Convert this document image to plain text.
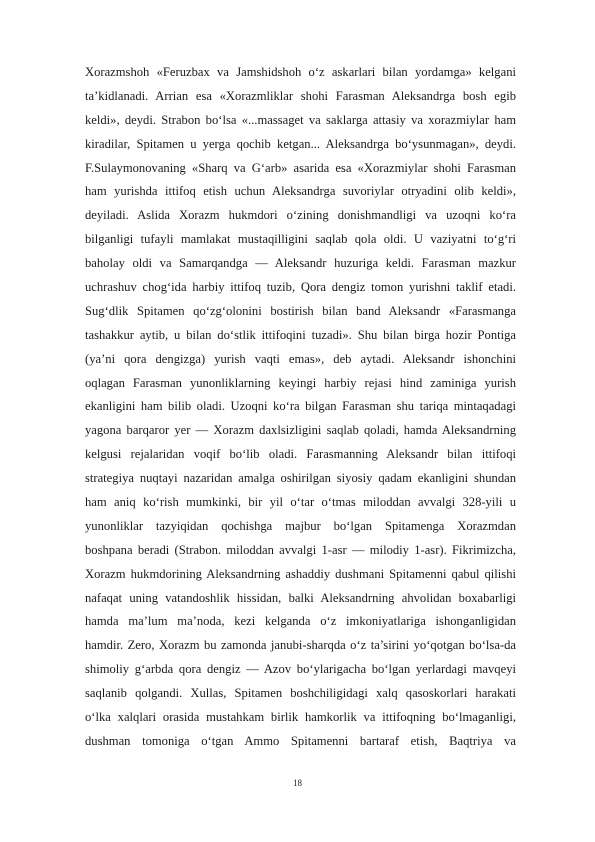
Xorazmshoh «Feruzbax va Jamshidshoh o‘z askarlari bilan yordamga» kelgani
ta’kidlanadi. Arrian esa «Xorazmliklar shohi Farasman Aleksandrga bosh egib
keldi», deydi. Strabon bo‘lsa «...massaget va saklarga attasiy va xorazmiylar ham
kiradilar, Spitamen u yerga qochib ketgan... Aleksandrga bo‘ysunmagan», deydi.
F.Sulaymonovaning «Sharq va G‘arb» asarida esa «Xorazmiylar shohi Farasman
ham yurishda ittifoq etish uchun Aleksandrga suvoriylar otryadini olib keldi»,
deyiladi. Aslida Xorazm hukmdori o‘zining donishmandligi va uzoqni ko‘ra
bilganligi tufayli mamlakat mustaqilligini saqlab qola oldi. U vaziyatni to‘g‘ri
baholay oldi va Samarqandga — Aleksandr huzuriga keldi. Farasman mazkur
uchrashuv chog‘ida harbiy ittifoq tuzib, Qora dengiz tomon yurishni taklif etadi.
Sug‘dlik Spitamen qo‘zg‘olonini bostirish bilan band Aleksandr «Farasmanga
tashakkur aytib, u bilan do‘stlik ittifoqini tuzadi». Shu bilan birga hozir Pontiga
(ya’ni qora dengizga) yurish vaqti emas», deb aytadi. Aleksandr ishonchini
oqlagan Farasman yunonliklarning keyingi harbiy rejasi hind zaminiga yurish
ekanligini ham bilib oladi. Uzoqni ko‘ra bilgan Farasman shu tariqa mintaqadagi
yagona barqaror yer — Xorazm daxlsizligini saqlab qoladi, hamda Aleksandrning
kelgusi rejalaridan voqif bo‘lib oladi. Farasmanning Aleksandr bilan ittifoqi
strategiya nuqtayi nazaridan amalga oshirilgan siyosiy qadam ekanligini shundan
ham aniq ko‘rish mumkinki, bir yil o‘tar o‘tmas miloddan avvalgi 328-yili u
yunonliklar tazyiqidan qochishga majbur bo‘lgan Spitamenga Xorazmdan
boshpana beradi (Strabon. miloddan avvalgi 1-asr — milodiy 1-asr). Fikrimizcha,
Xorazm hukmdorining Aleksandrning ashaddiy dushmani Spitamenni qabul qilishi
nafaqat uning vatandoshlik hissidan, balki Aleksandrning ahvolidan boxabarligi
hamda ma’lum ma’noda, kezi kelganda o‘z imkoniyatlariga ishonganligidan
hamdir. Zero, Xorazm bu zamonda janubi-sharqda o‘z ta’sirini yo‘qotgan bo‘lsa-da
shimoliy g‘arbda qora dengiz — Azov bo‘ylarigacha bo‘lgan yerlardagi mavqeyi
saqlanib qolgandi. Xullas, Spitamen boshchiligidagi xalq qasoskorlari harakati
o‘lka xalqlari orasida mustahkam birlik hamkorlik va ittifoqning bo‘lmaganligi,
dushman tomoniga o‘tgan Ammo Spitamenni bartaraf etish, Baqtriya va
18
